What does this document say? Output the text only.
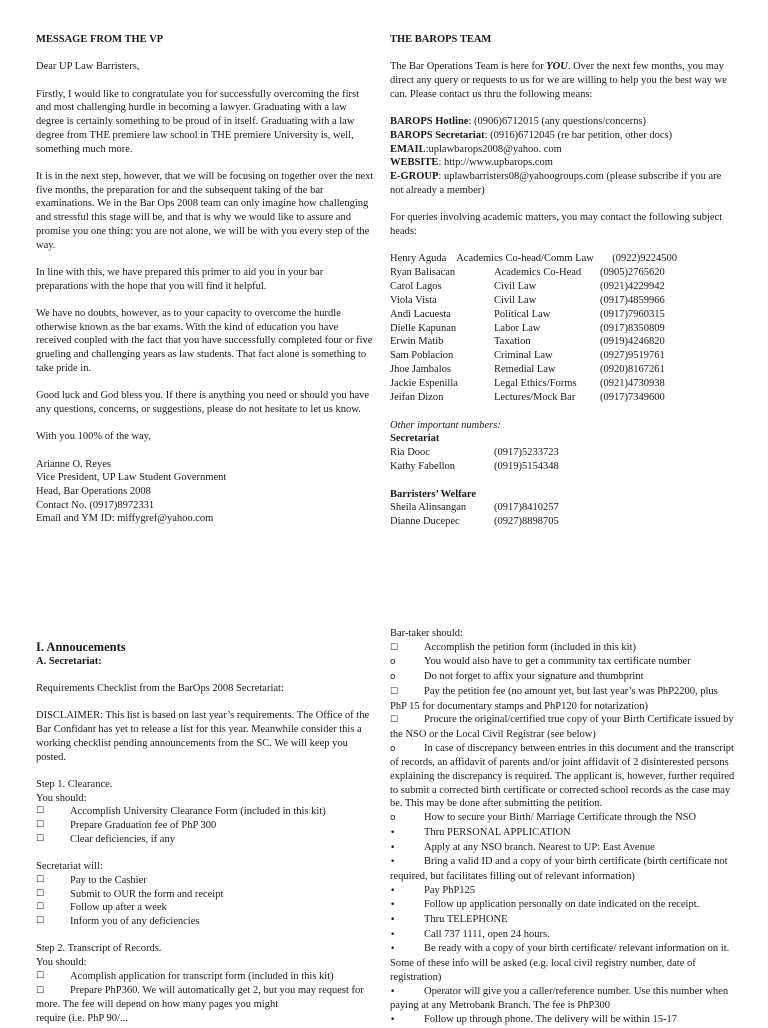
MESSAGE FROM THE VP

Dear UP Law Barristers,

Firstly, I would like to congratulate you for successfully overcoming the first and most challenging hurdle in becoming a lawyer. Graduating with a law degree is certainly something to be proud of in itself. Graduating with a law degree from THE premiere law school in THE premiere University is, well, something much more.

It is in the next step, however, that we will be focusing on together over the next five months, the preparation for and the subsequent taking of the bar examinations. We in the Bar Ops 2008 team can only imagine how challenging and stressful this stage will be, and that is why we would like to assure and promise you one thing: you are not alone, we will be with you every step of the way.

In line with this, we have prepared this primer to aid you in your bar preparations with the hope that you will find it helpful.

We have no doubts, however, as to your capacity to overcome the hurdle otherwise known as the bar exams. With the kind of education you have received coupled with the fact that you have successfully completed four or five grueling and challenging years as law students. That fact alone is something to take pride in.

Good luck and God bless you. If there is anything you need or should you have any questions, concerns, or suggestions, please do not hesitate to let us know.

With you 100% of the way,

Arianne O. Reyes

Vice President, UP Law Student Government

Head, Bar Operations 2008

Contact No. (0917)8972331

Email and YM ID: miffygref@yahoo.com

THE BAROPS TEAM

The Bar Operations Team is here for YOU. Over the next few months, you may direct any query or requests to us for we are willing to help you the best way we can. Please contact us thru the following means:

BAROPS Hotline: (0906)6712015 (any questions/concerns)

BAROPS Secretariat: (0916)6712045 (re bar petition, other docs)

EMAIL:uplawbarops2008@yahoo. com

WEBSITE: http://www.upbarops.com

E-GROUP: uplawbarristers08@yahoogroups.com (please subscribe if you are not already a member)

For queries involving academic matters, you may contact the following subject heads:

Henry Aguda    Academics Co-head/Comm Law       (0922)9224500

Ryan Balisacan	Academics Co-Head	(0905)2765620
Carol Lagos	Civil Law	(0921)4229942
Viola Vista	Civil Law	(0917)4859966
Andi Lacuesta	Political Law	(0917)7960315
Dielle Kapunan	Labor Law	(0917)8350809
Erwin Matib	Taxation	(0919)4246820
Sam Poblacion	Criminal Law	(0927)9519761
Jhoe Jambalos	Remedial Law	(0920)8167261
Jackie Espenilla	Legal Ethics/Forms	(0921)4730938
Jeifan Dizon	Lectures/Mock Bar	(0917)7349600

Other important numbers:

Secretariat

Ria Dooc	(0917)5233723
Kathy Fabellon	(0919)5154348

Barristers’ Welfare

Sheila Alinsangan	(0917)8410257
Dianne Ducepec	(0927)8898705

I. Annoucements

A. Secretariat:

Requirements Checklist from the BarOps 2008 Secretariat:

DISCLAIMER: This list is based on last year’s requirements. The Office of the Bar Confidant has yet to release a list for this year. Meanwhile consider this a working checklist pending announcements from the SC. We will keep you posted.

Step 1. Clearance.

You should:

☐	Accomplish University Clearance Form (included in this kit)
☐	Prepare Graduation fee of PhP 300
☐	Clear deficiencies, if any

Secretariat will:

☐	Pay to the Cashier
☐	Submit to OUR the form and receipt
☐	Follow up after a week
☐	Inform you of any deficiencies

Step 2. Transcript of Records.

You should:

☐	Acomplish application for transcript form (included in this kit)

☐ Prepare PhP360. We will automatically get 2, but you may request for more. The fee will depend on how many pages you might

require (i.e. PhP 90/...

Bar-taker should:

☐ Accomplish the petition form (included in this kit)

o	You would also have to get a community tax certificate number

o	Do not forget to affix your signature and thumbprint

☐ Pay the petition fee (no amount yet, but last year’s was PhP2200, plus PhP 15 for documentary stamps and PhP120 for notarization)

☐ Procure the original/certified true copy of your Birth Certificate issued by the NSO or the Local Civil Registrar (see below)

o	In case of discrepancy between entries in this document and the transcript of records, an affidavit of parents and/or joint affidavit of 2 disinterested persons explaining the discrepancy is required. The applicant is, however, further required to submit a corrected birth certificate or corrected school records as the case may be. This may be done after submitting the petition.

o	How to secure your Birth/ Marriage Certificate through the NSO

•	Thru PERSONAL APPLICATION

•	Apply at any NSO branch. Nearest to UP: East Avenue

•	Bring a valid ID and a copy of your birth certificate (birth certificate not required, but facilitates filling out of relevant information)

•	Pay PhP125

•	Follow up application personally on date indicated on the receipt.

•	Thru TELEPHONE

•	Call 737 1111, open 24 hours.

•	Be ready with a copy of your birth certificate/ relevant information on it. Some of these info will be asked (e.g. local civil registry number, date of registration)

•	Operator will give you a caller/reference number. Use this number when paying at any Metrobank Branch. The fee is PhP300

•	Follow up through phone. The delivery will be within 15-17
